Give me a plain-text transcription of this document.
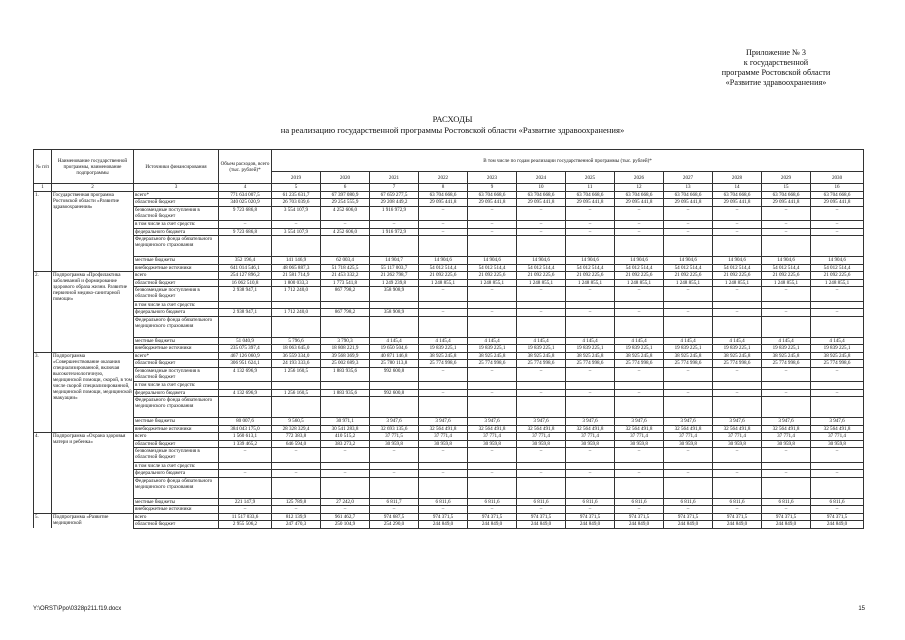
Приложение № 3
к государственной
программе Ростовской области
«Развитие здравоохранения»
РАСХОДЫ
на реализацию государственной программы Ростовской области «Развитие здравоохранения»
№ п/п	Наименование государственной программы, наименование подпрограммы	Источники финансирования	Объем расходов, всего (тыс. рублей)*	В том числе по годам реализации государственной программы (тыс. рублей)*											
				2019	2020	2021	2022	2023	2024	2025	2026	2027	2028	2029	2030
1	2	3	4	5	6	7	8	9	10	11	12	13	14	15	16
1.	Государственная программа Ростовской области «Развитие здравоохранения»	всего*	771 634 007,5	61 235 631,7	67 397 080,9	67 659 277,5	63 704 668,6	63 704 668,6	63 704 668,6	63 704 668,6	63 704 668,6	63 704 668,6	63 704 668,6	63 704 668,6	63 704 668,6
		областной бюджет	340 025 020,9	26 703 039,6	29 254 555,9	29 208 449,2	29 095 441,8	29 095 441,8	29 095 441,8	29 095 441,8	29 095 441,8	29 095 441,8	29 095 441,8	29 095 441,8	29 095 441,8
		безвозмездные поступления в областной бюджет	9 723 686,8	3 554 107,9	4 252 606,0	1 916 972,9	–	–	–	–	–	–	–	–	–
		в том числе за счет средств:	–	–	–	–	–	–	–	–	–	–	–	–	–
		федерального бюджета	9 723 686,8	3 554 107,9	4 252 606,0	1 916 972,9	–	–	–	–	–	–	–	–	–
		Федерального фонда обязательного медицинского страхования													
		местные бюджеты	352 196,4	141 146,9	62 003,4	14 904,7	14 904,6	14 904,6	14 904,6	14 904,6	14 904,6	14 904,6	14 904,6	14 904,6	14 904,6
		внебюджетные источники	641 014 546,1	48 065 887,3	51 718 425,5	55 117 003,7	54 012 514,4	54 012 514,4	54 012 514,4	54 012 514,4	54 012 514,4	54 012 514,4	54 012 514,4	54 012 514,4	54 012 514,4
2.	Подпрограмма «Профилактика заболеваний и формирование здорового образа жизни. Развитие первичной медико-санитарной помощи»	всего	254 127 896,2	21 581 714,9	21 453 332,2	21 262 798,7	21 092 225,6	21 092 225,6	21 092 225,6	21 092 225,6	21 092 225,6	21 092 225,6	21 092 225,6	21 092 225,6	21 092 225,6
		областной бюджет	16 062 510,8	1 800 033,3	1 773 541,8	1 249 239,8	1 248 855,1	1 248 855,1	1 248 855,1	1 248 855,1	1 248 855,1	1 248 855,1	1 248 855,1	1 248 855,1	1 248 855,1
		безвозмездные поступления в областной бюджет	2 938 947,1	1 712 240,0	867 798,2	358 908,9	–	–	–	–	–	–	–	–	–
		в том числе за счет средств:													
		федерального бюджета	2 938 947,1	1 712 240,0	867 798,2	358 908,9	–	–	–	–	–	–	–	–	–
		Федерального фонда обязательного медицинского страхования													
		местные бюджеты	51 040,9	5 796,6	3 790,3	4 145,4	4 145,4	4 145,4	4 145,4	4 145,4	4 145,4	4 145,4	4 145,4	4 145,4	4 145,4
		внебюджетные источники	235 075 397,4	18 063 645,0	18 808 221,9	19 650 504,6	19 839 225,1	19 839 225,1	19 839 225,1	19 839 225,1	19 839 225,1	19 839 225,1	19 839 225,1	19 839 225,1	19 839 225,1
3.	Подпрограмма «Совершенствование оказания специализированной, включая высокотехнологичную, медицинской помощи, скорой, в том числе скорой специализированной, медицинской помощи, медицинской эвакуации»	всего*	467 126 060,9	36 559 334,0	39 568 369,9	40 871 146,8	38 925 245,8	38 925 245,8	38 925 245,8	38 925 245,8	38 925 245,8	38 925 245,8	38 925 245,8	38 925 245,8	38 925 245,8
		областной бюджет	306 951 624,1	24 193 333,6	25 002 689,3	25 780 113,8	25 774 998,6	25 774 998,6	25 774 998,6	25 774 998,6	25 774 998,6	25 774 998,6	25 774 998,6	25 774 998,6	25 774 998,6
		безвозмездные поступления в областной бюджет	4 132 696,9	1 256 160,5	1 883 935,6	992 600,8	–	–	–	–	–	–	–	–	–
		в том числе за счет средств:													
		федерального бюджета	4 132 696,9	1 256 160,5	1 883 935,6	992 600,8	–	–	–	–	–	–	–	–	–
		Федерального фонда обязательного медицинского страхования													
		местные бюджеты	80 007,6	9 560,5	30 971,1	3 947,6	3 947,6	3 947,6	3 947,6	3 947,6	3 947,6	3 947,6	3 947,6	3 947,6	3 947,6
		внебюджетные источники	384 043 175,0	28 328 329,4	30 541 283,8	32 693 135,6	32 564 491,8	32 564 491,8	32 564 491,8	32 564 491,8	32 564 491,8	32 564 491,8	32 564 491,8	32 564 491,8	32 564 491,8
4.	Подпрограмма «Охрана здоровья матери и ребенка»	всего	1 560 613,1	772 383,8	410 515,2	37 771,5	37 771,4	37 771,4	37 771,4	37 771,4	37 771,4	37 771,4	37 771,4	37 771,4	37 771,4
		областной бюджет	1 339 465,2	646 594,0	383 273,2	30 959,8	30 959,8	30 959,8	30 959,8	30 959,8	30 959,8	30 959,8	30 959,8	30 959,8	30 959,8
		безвозмездные поступления в областной бюджет	–	–	–	–	–	–	–	–	–	–	–	–	–
		в том числе за счет средств:													
		федерального бюджета	–	–	–	–	–	–	–	–	–	–	–	–	–
		Федерального фонда обязательного медицинского страхования													
		местные бюджеты	221 147,9	125 789,8	27 242,0	6 811,7	6 811,6	6 811,6	6 811,6	6 811,6	6 811,6	6 811,6	6 811,6	6 811,6	6 811,6
		внебюджетные источники	–	–	–	–	–	–	–	–	–	–	–	–	–
5.	Подпрограмма «Развитие медицинской	всего	11 517 033,6	812 139,9	961 462,7	974 687,5	974 371,5	974 371,5	974 371,5	974 371,5	974 371,5	974 371,5	974 371,5	974 371,5	974 371,5
		областной бюджет	2 955 506,2	247 470,3	250 104,9	254 290,0	244 849,0	244 849,0	244 849,0	244 849,0	244 849,0	244 849,0	244 849,0	244 849,0	244 849,0
Y:\ORST\Ppo\0328p211.f19.docx	15
